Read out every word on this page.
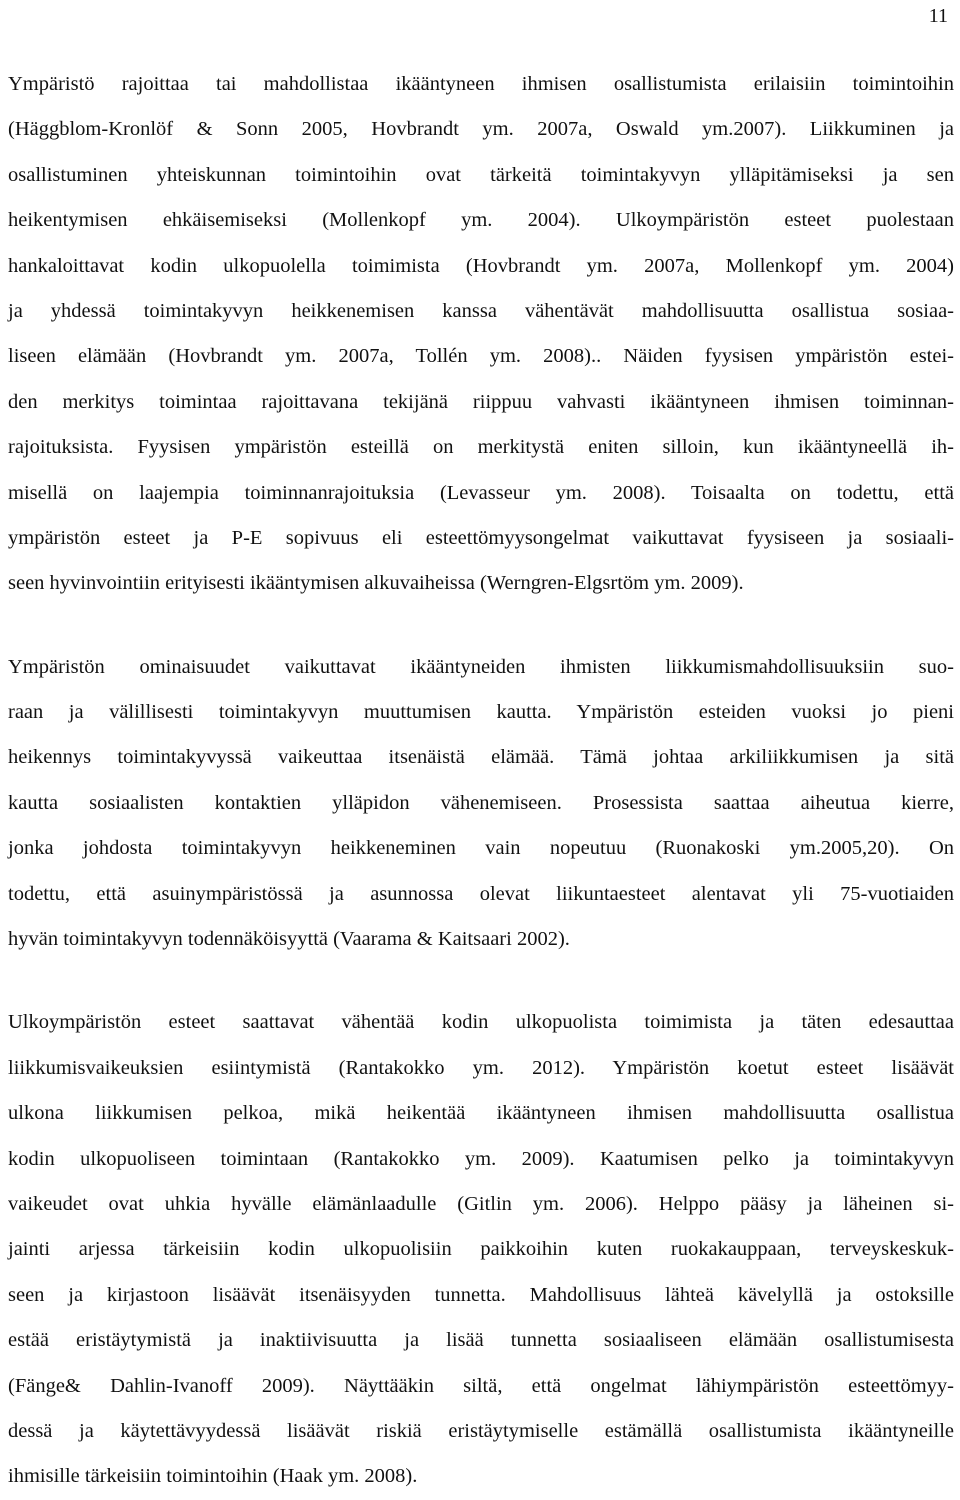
11
Ympäristö rajoittaa tai mahdollistaa ikääntyneen ihmisen osallistumista erilaisiin toimintoihin
(Häggblom-Kronlöf & Sonn 2005, Hovbrandt ym. 2007a, Oswald ym.2007). Liikkuminen ja
osallistuminen yhteiskunnan toimintoihin ovat tärkeitä toimintakyvyn ylläpitämiseksi ja sen
heikentymisen ehkäisemiseksi (Mollenkopf ym. 2004). Ulkoympäristön esteet puolestaan
hankaloittavat kodin ulkopuolella toimimista (Hovbrandt ym. 2007a, Mollenkopf ym. 2004)
ja yhdessä toimintakyvyn heikkenemisen kanssa vähentävät mahdollisuutta osallistua sosiaa-
liseen elämään (Hovbrandt ym. 2007a, Tollén ym. 2008).. Näiden fyysisen ympäristön estei-
den merkitys toimintaa rajoittavana tekijänä riippuu vahvasti ikääntyneen ihmisen toiminnan-
rajoituksista. Fyysisen ympäristön esteillä on merkitystä eniten silloin, kun ikääntyneellä ih-
misellä on laajempia toiminnanrajoituksia (Levasseur ym. 2008). Toisaalta on todettu, että
ympäristön esteet ja P-E sopivuus eli esteettömyysongelmat vaikuttavat fyysiseen ja sosiaali-
seen hyvinvointiin erityisesti ikääntymisen alkuvaiheissa (Werngren-Elgsrtöm ym. 2009).
Ympäristön ominaisuudet vaikuttavat ikääntyneiden ihmisten liikkumismahdollisuuksiin suo-
raan ja välillisesti toimintakyvyn muuttumisen kautta. Ympäristön esteiden vuoksi jo pieni
heikennys toimintakyvyssä vaikeuttaa itsenäistä elämää. Tämä johtaa arkiliikkumisen ja sitä
kautta sosiaalisten kontaktien ylläpidon vähenemiseen. Prosessista saattaa aiheutua kierre,
jonka johdosta toimintakyvyn heikkeneminen vain nopeutuu (Ruonakoski ym.2005,20). On
todettu, että asuinympäristössä ja asunnossa olevat liikuntaesteet alentavat yli 75-vuotiaiden
hyvän toimintakyvyn todennäköisyyttä (Vaarama & Kaitsaari 2002).
Ulkoympäristön esteet saattavat vähentää kodin ulkopuolista toimimista ja täten edesauttaa
liikkumisvaikeuksien esiintymistä (Rantakokko ym. 2012). Ympäristön koetut esteet lisäävät
ulkona liikkumisen pelkoa, mikä heikentää ikääntyneen ihmisen mahdollisuutta osallistua
kodin ulkopuoliseen toimintaan (Rantakokko ym. 2009). Kaatumisen pelko ja toimintakyvyn
vaikeudet ovat uhkia hyvälle elämänlaadulle (Gitlin ym. 2006). Helppo pääsy ja läheinen si-
jainti arjessa tärkeisiin kodin ulkopuolisiin paikkoihin kuten ruokakauppaan, terveyskeskuk-
seen ja kirjastoon lisäävät itsenäisyyden tunnetta. Mahdollisuus lähteä kävelyllä ja ostoksille
estää eristäytymistä ja inaktiivisuutta ja lisää tunnetta sosiaaliseen elämään osallistumisesta
(Fänge& Dahlin-Ivanoff 2009). Näyttääkin siltä, että ongelmat lähiympäristön esteettömyy-
dessä ja käytettävyydessä lisäävät riskiä eristäytymiselle estämällä osallistumista ikääntyneille
ihmisille tärkeisiin toimintoihin (Haak ym. 2008).
